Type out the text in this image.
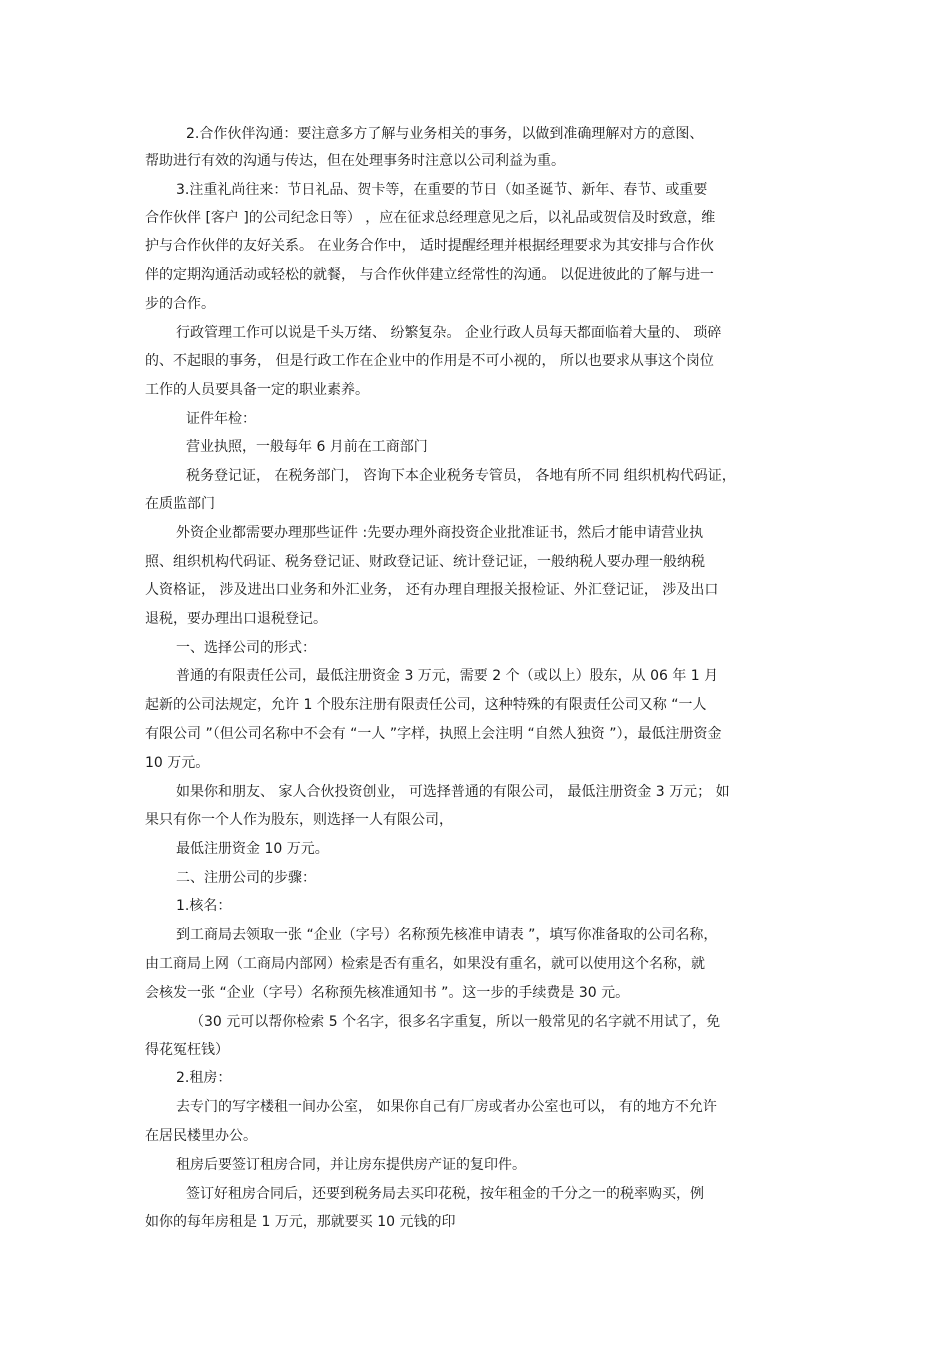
2.合作伙伴沟通：要注意多方了解与业务相关的事务，以做到准确理解对方的意图、
帮助进行有效的沟通与传达，但在处理事务时注意以公司利益为重。
3.注重礼尚往来：节日礼品、贺卡等，在重要的节日（如圣诞节、新年、春节、或重要
合作伙伴 [客户 ]的公司纪念日等） ，应在征求总经理意见之后，以礼品或贺信及时致意，维
护与合作伙伴的友好关系。 在业务合作中， 适时提醒经理并根据经理要求为其安排与合作伙
伴的定期沟通活动或轻松的就餐， 与合作伙伴建立经常性的沟通。 以促进彼此的了解与进一
步的合作。
行政管理工作可以说是千头万绪、 纷繁复杂。 企业行政人员每天都面临着大量的、 琐碎
的、不起眼的事务， 但是行政工作在企业中的作用是不可小视的， 所以也要求从事这个岗位
工作的人员要具备一定的职业素养。
证件年检：
营业执照，一般每年 6 月前在工商部门
税务登记证， 在税务部门， 咨询下本企业税务专管员， 各地有所不同 组织机构代码证，
在质监部门
外资企业都需要办理那些证件 :先要办理外商投资企业批准证书，然后才能申请营业执
照、组织机构代码证、税务登记证、财政登记证、统计登记证，一般纳税人要办理一般纳税
人资格证， 涉及进出口业务和外汇业务， 还有办理自理报关报检证、外汇登记证， 涉及出口
退税，要办理出口退税登记。
一、选择公司的形式：
普通的有限责任公司，最低注册资金 3 万元，需要 2 个（或以上）股东，从 06 年 1 月
起新的公司法规定，允许 1 个股东注册有限责任公司，这种特殊的有限责任公司又称 “一人
有限公司 ”（但公司名称中不会有 “一人 ”字样，执照上会注明 “自然人独资 ”），最低注册资金
10 万元。
如果你和朋友、 家人合伙投资创业， 可选择普通的有限公司， 最低注册资金 3 万元； 如
果只有你一个人作为股东，则选择一人有限公司，
最低注册资金 10 万元。
二、注册公司的步骤：
1.核名：
到工商局去领取一张 “企业（字号）名称预先核准申请表 ”，填写你准备取的公司名称，
由工商局上网（工商局内部网）检索是否有重名，如果没有重名，就可以使用这个名称，就
会核发一张 “企业（字号）名称预先核准通知书 ”。这一步的手续费是 30 元。
（30 元可以帮你检索 5 个名字，很多名字重复，所以一般常见的名字就不用试了，免
得花冤枉钱）
2.租房：
去专门的写字楼租一间办公室， 如果你自己有厂房或者办公室也可以， 有的地方不允许
在居民楼里办公。
租房后要签订租房合同，并让房东提供房产证的复印件。
签订好租房合同后，还要到税务局去买印花税，按年租金的千分之一的税率购买，例
如你的每年房租是 1 万元，那就要买 10 元钱的印
